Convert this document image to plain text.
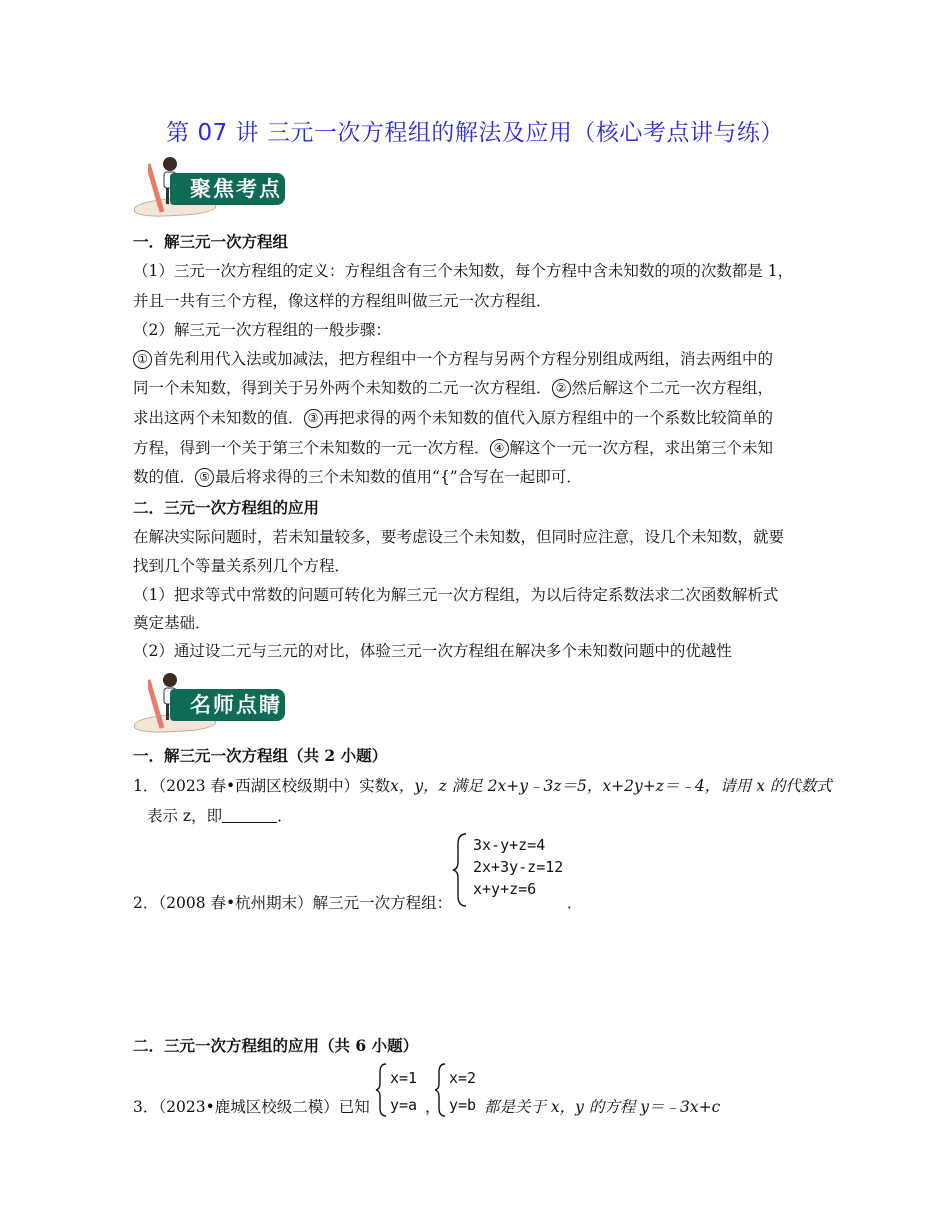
第 07 讲 三元一次方程组的解法及应用（核心考点讲与练）
聚焦考点
一．解三元一次方程组
（1）三元一次方程组的定义：方程组含有三个未知数，每个方程中含未知数的项的次数都是 1，
并且一共有三个方程，像这样的方程组叫做三元一次方程组．
（2）解三元一次方程组的一般步骤：
① 首先利用代入法或加减法，把方程组中一个方程与另两个方程分别组成两组，消去两组中的
同一个未知数，得到关于另外两个未知数的二元一次方程组． ② 然后解这个二元一次方程组，
求出这两个未知数的值． ③ 再把求得的两个未知数的值代入原方程组中的一个系数比较简单的
方程，得到一个关于第三个未知数的一元一次方程． ④ 解这个一元一次方程，求出第三个未知
数的值． ⑤ 最后将求得的三个未知数的值用“{”合写在一起即可．
二．三元一次方程组的应用
在解决实际问题时，若未知量较多，要考虑设三个未知数，但同时应注意，设几个未知数，就要
找到几个等量关系列几个方程．
（1）把求等式中常数的问题可转化为解三元一次方程组，为以后待定系数法求二次函数解析式
奠定基础．
（2）通过设二元与三元的对比，体验三元一次方程组在解决多个未知数问题中的优越性
名师点睛
一．解三元一次方程组（共 2 小题）
1．（2023 春•西湖区校级期中）实数x，y，z 满足 2x+y﹣3z＝5，x+2y+z＝﹣4，请用 x 的代数式
表示 z，即	．
2．（2008 春•杭州期末）解三元一次方程组：
3x-y+z=4
2x+3y-z=12
x+y+z=6
．
二．三元一次方程组的应用（共 6 小题）
3．（2023•鹿城区校级二模）已知
x=1
y=a ，
x=2
y=b 都是关于 x，y 的方程 y＝﹣3x+c
